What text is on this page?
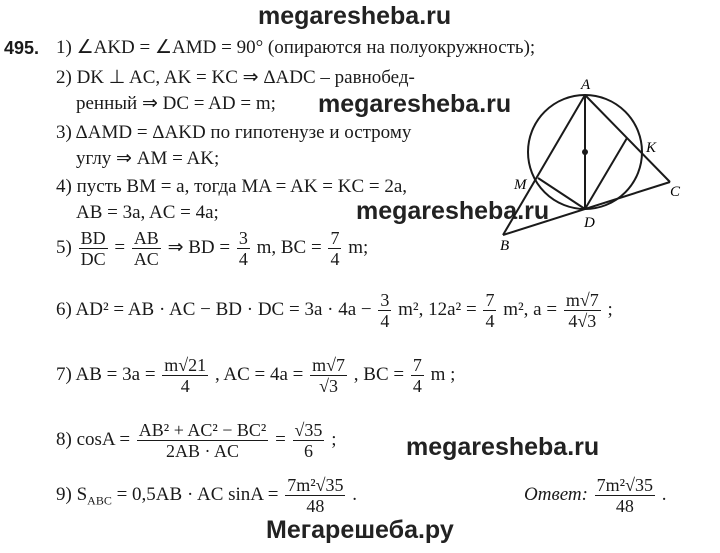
megaresheba.ru
megaresheba.ru
megaresheba.ru
megaresheba.ru
Мегарешеба.ру
A
K
M	C
D
B
495. 1) ∠AKD = ∠AMD = 90° (опираются на полуокружность);
2) DK ⊥ AC, AK = KC ⇒ ΔADC – равнобед-
ренный ⇒ DC = AD = m;
3) ΔAMD = ΔAKD по гипотенузе и острому
углу ⇒ AM = AK;
4) пусть BM = a, тогда MA = AK = KC = 2a,
AB = 3a, AC = 4a;
$5) \frac{BD}{DC} = \frac{AB}{AC}$ ⇒ BD = $\frac{3}{4} m$, BC = $\frac{7}{4} m$;
6) AD² = AB · AC − BD · DC = $3a \cdot 4a - \frac{3}{4} m^2$, $12a^2 = \frac{7}{4} m^2$, $a = \frac{m√7}{4√3}$ ;
7) AB = $3a = \frac{m√21}{4}$ , AC = $4a = \frac{m√7}{√3}$ , BC = $\frac{7}{4}$ m ;
8) $\cos A = \frac{\text{AB² + AC² − BC²}}{2AB \cdot AC} = \frac{√35}{6}$ ;
9) $S_{ABC} = 0,5AB$ · AC $\sin A = \frac{\text{7m²√35}}{48}$ .	Ответ: $\frac{\text{7m²√35}}{48}$ .
